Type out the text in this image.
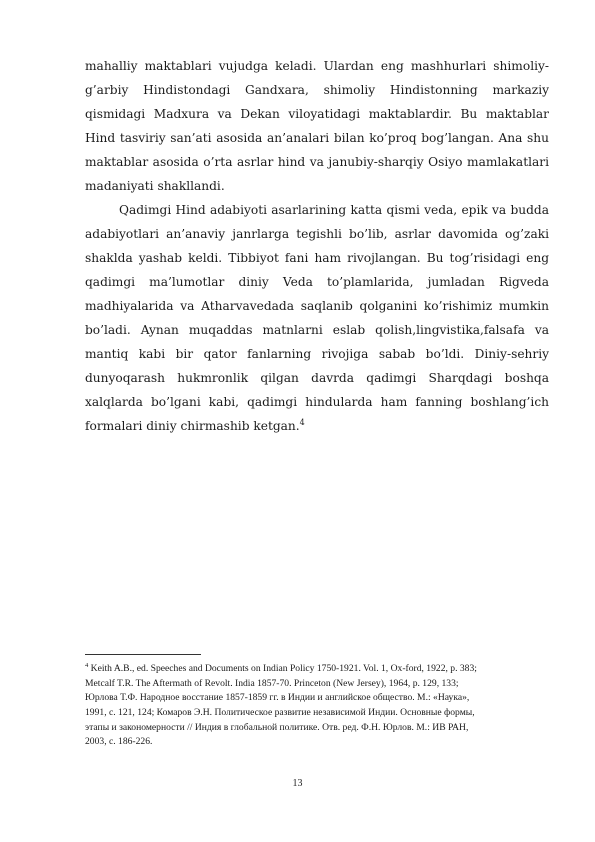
mahalliy maktablari vujudga keladi. Ulardan eng mashhurlari shimoliy-g’arbiy Hindistondagi Gandxara, shimoliy Hindistonning markaziy qismidagi Madxura va Dekan viloyatidagi maktablardir. Bu maktablar Hind tasviriy san’ati asosida an’analari bilan ko’proq bog’langan. Ana shu maktablar asosida o’rta asrlar hind va janubiy-sharqiy Osiyo mamlakatlari madaniyati shakllandi.

Qadimgi Hind adabiyoti asarlarining katta qismi veda, epik va budda adabiyotlari an’anaviy janrlarga tegishli bo’lib, asrlar davomida og’zaki shaklda yashab keldi. Tibbiyot fani ham rivojlangan. Bu tog’risidagi eng qadimgi ma’lumotlar diniy Veda to’plamlarida, jumladan Rigveda madhiyalarida va Atharvavedada saqlanib qolganini ko’rishimiz mumkin bo’ladi. Aynan muqaddas matnlarni eslab qolish,lingvistika,falsafa va mantiq kabi bir qator fanlarning rivojiga sabab bo’ldi. Diniy-sehriy dunyoqarash hukmronlik qilgan davrda qadimgi Sharqdagi boshqa xalqlarda bo’lgani kabi, qadimgi hindularda ham fanning boshlang’ich formalari diniy chirmashib ketgan.$^4$

$^4$ Keith A.B., ed. Speeches and Documents on Indian Policy 1750-1921. Vol. 1, Ox-ford, 1922, p. 383;
Metcalf T.R. The Aftermath of Revolt. India 1857-70. Princeton (New Jersey), 1964, p. 129, 133;
Юрлова Т.Ф. Народное восстание 1857-1859 гг. в Индии и английское общество. М.: «Наука»,
1991, с. 121, 124; Комаров Э.Н. Политическое развитие независимой Индии. Основные формы,
этапы и закономерности // Индия в глобальной политике. Отв. ред. Ф.Н. Юрлов. М.: ИВ РАН,
2003, с. 186-226.
13
